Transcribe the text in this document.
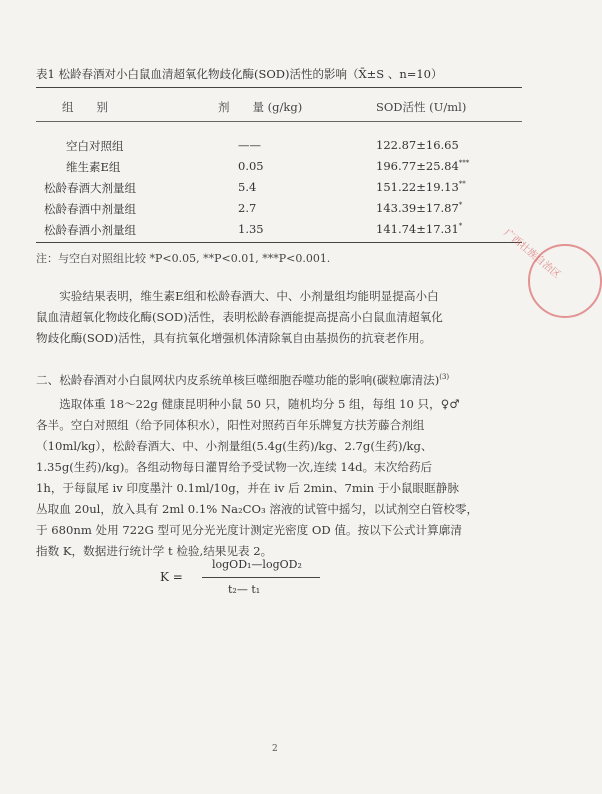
表1 松龄春酒对小白鼠血清超氧化物歧化酶(SOD)活性的影响（X̄±S 、n=10）
组　　别	剂　　量 (g/kg)	SOD活性 (U/ml)
空白对照组	——	122.87±16.65
维生素E组	0.05	196.77±25.84***
松龄春酒大剂量组	5.4	151.22±19.13**
松龄春酒中剂量组	2.7	143.39±17.87*
松龄春酒小剂量组	1.35	141.74±17.31*
注：与空白对照组比较 *P<0.05, **P<0.01, ***P<0.001.

　　实验结果表明，维生素E组和松龄春酒大、中、小剂量组均能明显提高小白

鼠血清超氧化物歧化酶(SOD)活性，表明松龄春酒能提高提高小白鼠血清超氧化

物歧化酶(SOD)活性，具有抗氧化增强机体清除氧自由基损伤的抗衰老作用。

二、松龄春酒对小白鼠网状内皮系统单核巨噬细胞吞噬功能的影响(碳粒廓清法)$^{(3)}$

　　选取体重 18～22g 健康昆明种小鼠 50 只，随机均分 5 组，每组 10 只，♀♂

各半。空白对照组（给予同体积水），阳性对照药百年乐牌复方扶芳藤合剂组

（10ml/kg），松龄春酒大、中、小剂量组(5.4g(生药)/kg、2.7g(生药)/kg、

1.35g(生药)/kg)。各组动物每日灌胃给予受试物一次,连续 14d。末次给药后

1h，于每鼠尾 iv 印度墨汁 0.1ml/10g，并在 iv 后 2min、7min 于小鼠眼眶静脉

丛取血 20ul，放入具有 2ml 0.1% Na₂CO₃ 溶液的试管中摇匀，以试剂空白管校零，

于 680nm 处用 722G 型可见分光光度计测定光密度 OD 值。按以下公式计算廓清

指数 K，数据进行统计学 t 检验,结果见表 2。

K =
logOD₁—logOD₂
t₂— t₁
广西壮族自治区
2
